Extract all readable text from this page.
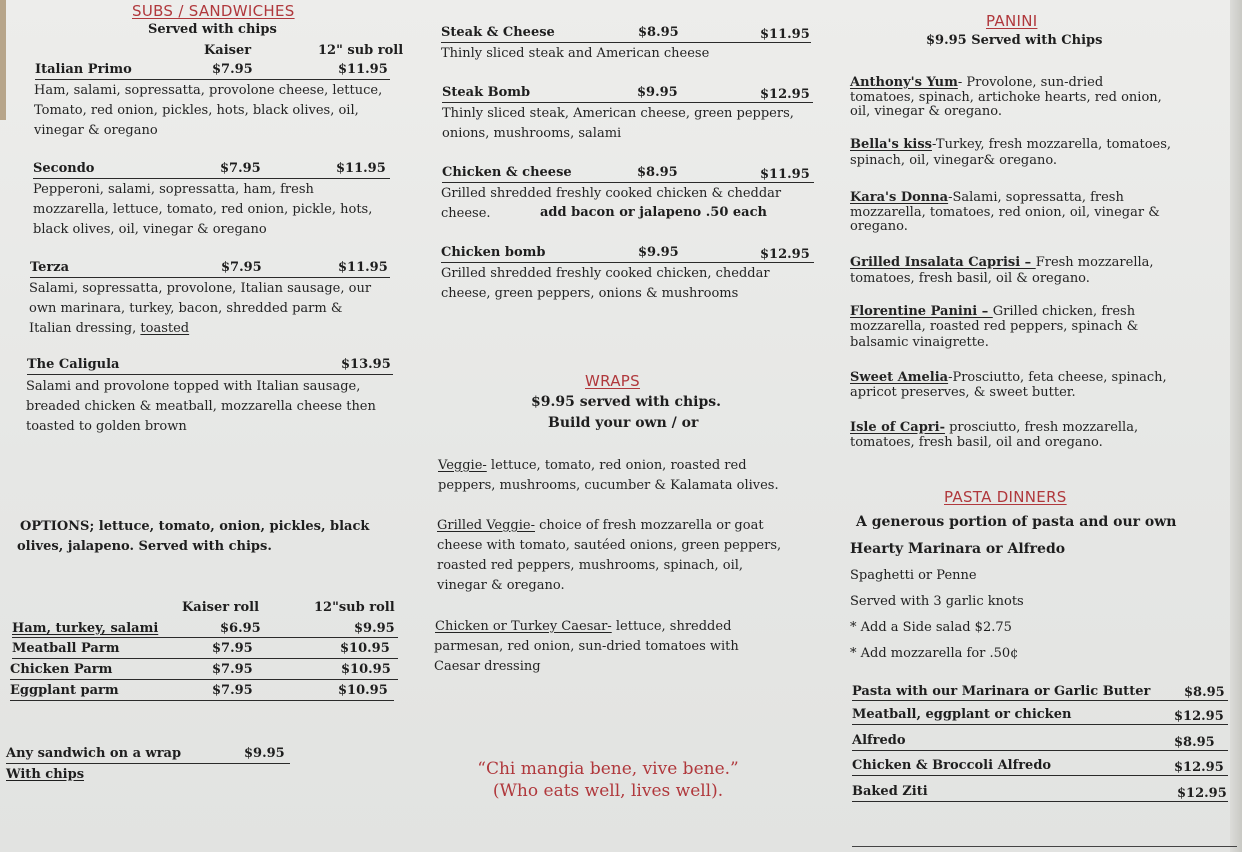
SUBS / SANDWICHES
Served with chips
Kaiser	12" sub roll
Italian Primo	$7.95	$11.95
Ham, salami, sopressatta, provolone cheese, lettuce,
Tomato, red onion, pickles, hots, black olives, oil,
vinegar & oregano
Secondo	$7.95	$11.95
Pepperoni, salami, sopressatta, ham, fresh
mozzarella, lettuce, tomato, red onion, pickle, hots,
black olives, oil, vinegar & oregano
Terza	$7.95	$11.95
Salami, sopressatta, provolone, Italian sausage, our
own marinara, turkey, bacon, shredded parm &
Italian dressing, toasted
The Caligula	$13.95
Salami and provolone topped with Italian sausage,
breaded chicken & meatball, mozzarella cheese then
toasted to golden brown
OPTIONS; lettuce, tomato, onion, pickles, black
olives, jalapeno. Served with chips.
Kaiser roll	12"sub roll
Ham, turkey, salami	$6.95	$9.95
Meatball Parm	$7.95	$10.95
Chicken Parm	$7.95	$10.95
Eggplant parm	$7.95	$10.95
Any sandwich on a wrap	$9.95
With chips
Steak & Cheese	$8.95	$11.95
Thinly sliced steak and American cheese
Steak Bomb	$9.95	$12.95
Thinly sliced steak, American cheese, green peppers,
onions, mushrooms, salami
Chicken & cheese	$8.95	$11.95
Grilled shredded freshly cooked chicken & cheddar
cheese.	add bacon or jalapeno .50 each
Chicken bomb	$9.95	$12.95
Grilled shredded freshly cooked chicken, cheddar
cheese, green peppers, onions & mushrooms
WRAPS
$9.95 served with chips.
Build your own / or
Veggie- lettuce, tomato, red onion, roasted red
peppers, mushrooms, cucumber & Kalamata olives.
Grilled Veggie- choice of fresh mozzarella or goat
cheese with tomato, sautéed onions, green peppers,
roasted red peppers, mushrooms, spinach, oil,
vinegar & oregano.
Chicken or Turkey Caesar- lettuce, shredded
parmesan, red onion, sun-dried tomatoes with
Caesar dressing
“Chi mangia bene, vive bene.”
(Who eats well, lives well).
PANINI
$9.95 Served with Chips
Anthony's Yum- Provolone, sun-dried
tomatoes, spinach, artichoke hearts, red onion,
oil, vinegar & oregano.
Bella's kiss-Turkey, fresh mozzarella, tomatoes,
spinach, oil, vinegar& oregano.
Kara's Donna-Salami, sopressatta, fresh
mozzarella, tomatoes, red onion, oil, vinegar &
oregano.
Grilled Insalata Caprisi – Fresh mozzarella,
tomatoes, fresh basil, oil & oregano.
Florentine Panini – Grilled chicken, fresh
mozzarella, roasted red peppers, spinach &
balsamic vinaigrette.
Sweet Amelia-Prosciutto, feta cheese, spinach,
apricot preserves, & sweet butter.
Isle of Capri- prosciutto, fresh mozzarella,
tomatoes, fresh basil, oil and oregano.
PASTA DINNERS
A generous portion of pasta and our own
Hearty Marinara or Alfredo
Spaghetti or Penne
Served with 3 garlic knots
* Add a Side salad $2.75
* Add mozzarella for .50¢
Pasta with our Marinara or Garlic Butter	$8.95
Meatball, eggplant or chicken	$12.95
Alfredo	$8.95
Chicken & Broccoli Alfredo	$12.95
Baked Ziti	$12.95
